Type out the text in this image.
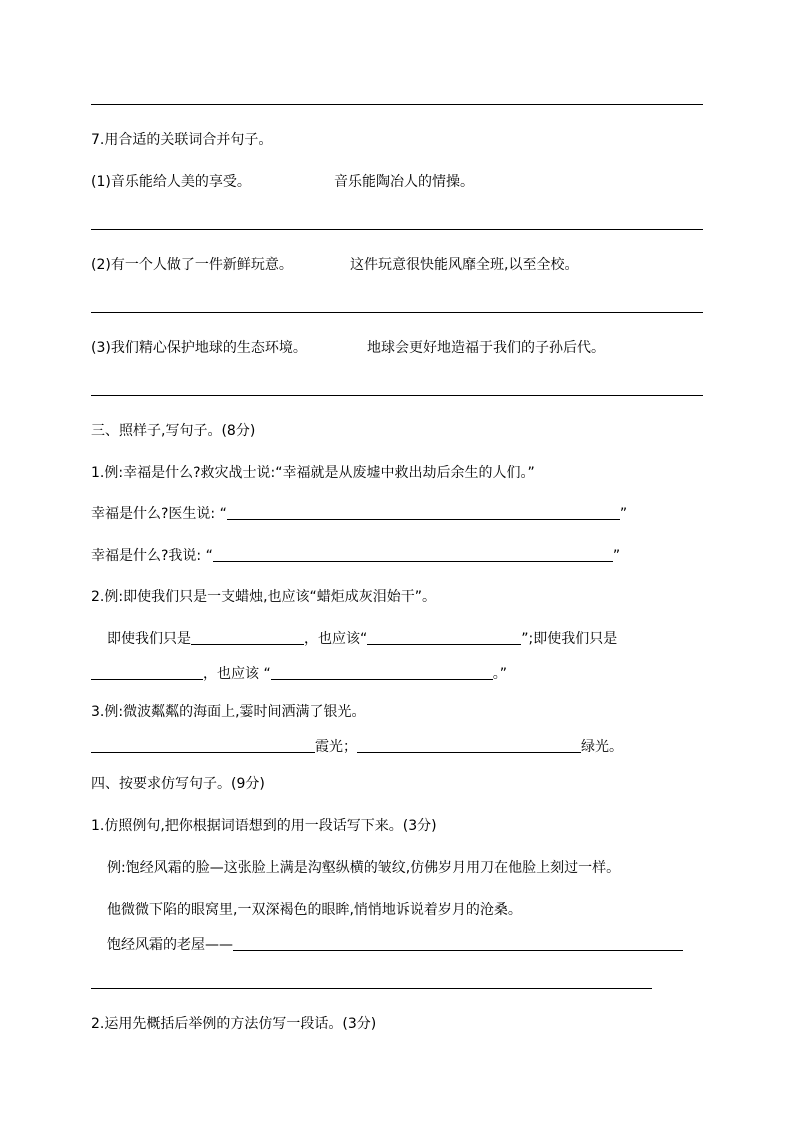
7.用合适的关联词合并句子。
(1)音乐能给人美的享受。	音乐能陶冶人的情操。
(2)有一个人做了一件新鲜玩意。	这件玩意很快能风靡全班,以至全校。
(3)我们精心保护地球的生态环境。	地球会更好地造福于我们的子孙后代。
三、照样子,写句子。(8分)
1.例:幸福是什么?救灾战士说:“幸福就是从废墟中救出劫后余生的人们。”
幸福是什么?医生说: “	”
幸福是什么?我说: “	”
2.例:即使我们只是一支蜡烛,也应该“蜡炬成灰泪始干”。
即使我们只是	，也应该“	”;即使我们只是
，也应该 “	。”
3.例:微波粼粼的海面上,霎时间洒满了银光。
霞光；	绿光。
四、按要求仿写句子。(9分)
1.仿照例句,把你根据词语想到的用一段话写下来。(3分)
例:饱经风霜的脸—这张脸上满是沟壑纵横的皱纹,仿佛岁月用刀在他脸上刻过一样。
他微微下陷的眼窝里,一双深褐色的眼眸,悄悄地诉说着岁月的沧桑。
饱经风霜的老屋——
2.运用先概括后举例的方法仿写一段话。(3分)
